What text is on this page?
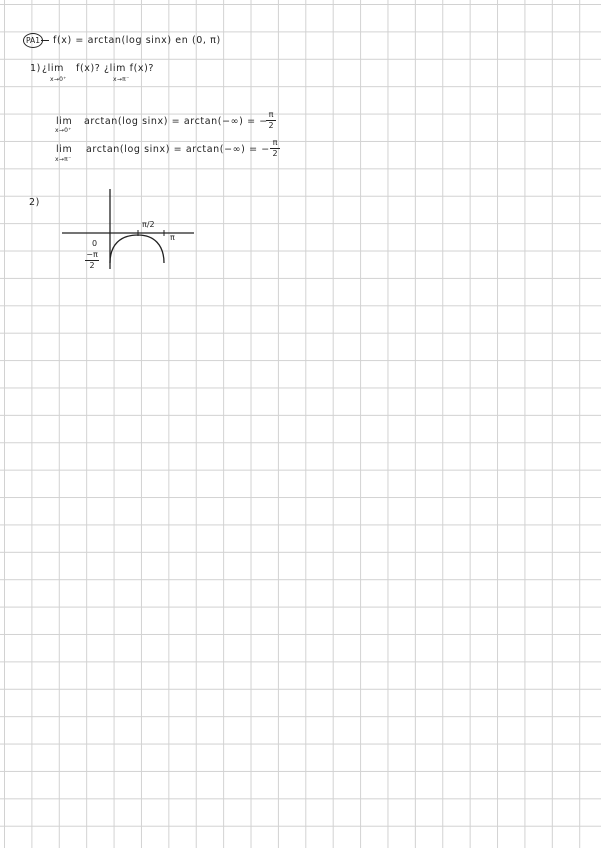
PA1	f(x) = arctan(log sinx) en (0, π)
1) ¿lim
x→0⁺
f(x)? ¿lim f(x)?
x→π⁻
lim
x→0⁺
arctan(log sinx) = arctan(−∞) = −
π
2
lim
x→π⁻
arctan(log sinx) = arctan(−∞) = −
π
2
2)
0
π/2
π
−π
2
